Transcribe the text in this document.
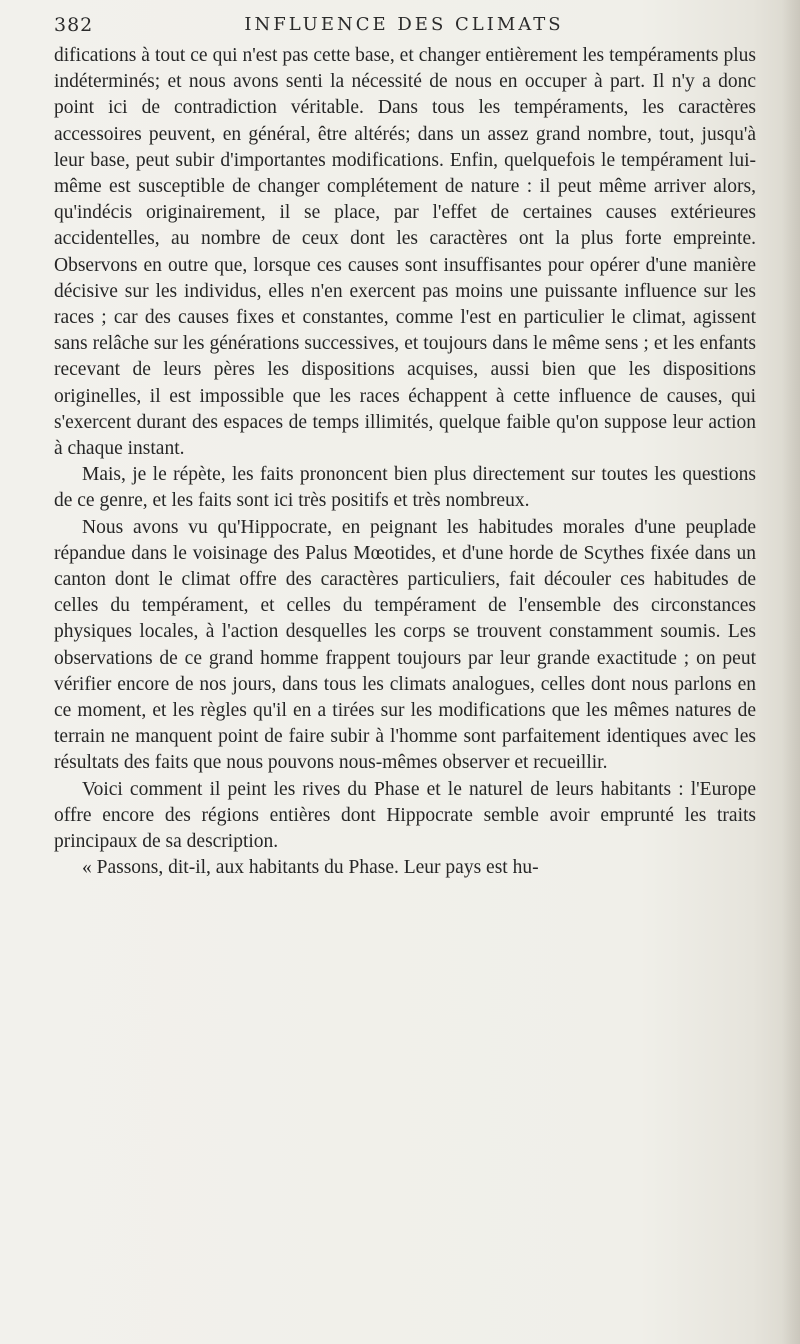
382	INFLUENCE DES CLIMATS

difications à tout ce qui n'est pas cette base, et changer entièrement les tempéraments plus indéterminés; et nous avons senti la nécessité de nous en occuper à part. Il n'y a donc point ici de contradiction véritable. Dans tous les tempéraments, les caractères accessoires peuvent, en général, être altérés; dans un assez grand nombre, tout, jusqu'à leur base, peut subir d'importantes modifications. Enfin, quelquefois le tempérament lui-même est susceptible de changer complétement de nature : il peut même arriver alors, qu'indécis originairement, il se place, par l'effet de certaines causes extérieures accidentelles, au nombre de ceux dont les caractères ont la plus forte empreinte. Observons en outre que, lorsque ces causes sont insuffisantes pour opérer d'une manière décisive sur les individus, elles n'en exercent pas moins une puissante influence sur les races ; car des causes fixes et constantes, comme l'est en particulier le climat, agissent sans relâche sur les générations successives, et toujours dans le même sens ; et les enfants recevant de leurs pères les dispositions acquises, aussi bien que les dispositions originelles, il est impossible que les races échappent à cette influence de causes, qui s'exercent durant des espaces de temps illimités, quelque faible qu'on suppose leur action à chaque instant.

Mais, je le répète, les faits prononcent bien plus directement sur toutes les questions de ce genre, et les faits sont ici très positifs et très nombreux.

Nous avons vu qu'Hippocrate, en peignant les habitudes morales d'une peuplade répandue dans le voisinage des Palus Mœotides, et d'une horde de Scythes fixée dans un canton dont le climat offre des caractères particuliers, fait découler ces habitudes de celles du tempérament, et celles du tempérament de l'ensemble des circonstances physiques locales, à l'action desquelles les corps se trouvent constamment soumis. Les observations de ce grand homme frappent toujours par leur grande exactitude ; on peut vérifier encore de nos jours, dans tous les climats analogues, celles dont nous parlons en ce moment, et les règles qu'il en a tirées sur les modifications que les mêmes natures de terrain ne manquent point de faire subir à l'homme sont parfaitement identiques avec les résultats des faits que nous pouvons nous-mêmes observer et recueillir.

Voici comment il peint les rives du Phase et le naturel de leurs habitants : l'Europe offre encore des régions entières dont Hippocrate semble avoir emprunté les traits principaux de sa description.

« Passons, dit-il, aux habitants du Phase. Leur pays est hu-
